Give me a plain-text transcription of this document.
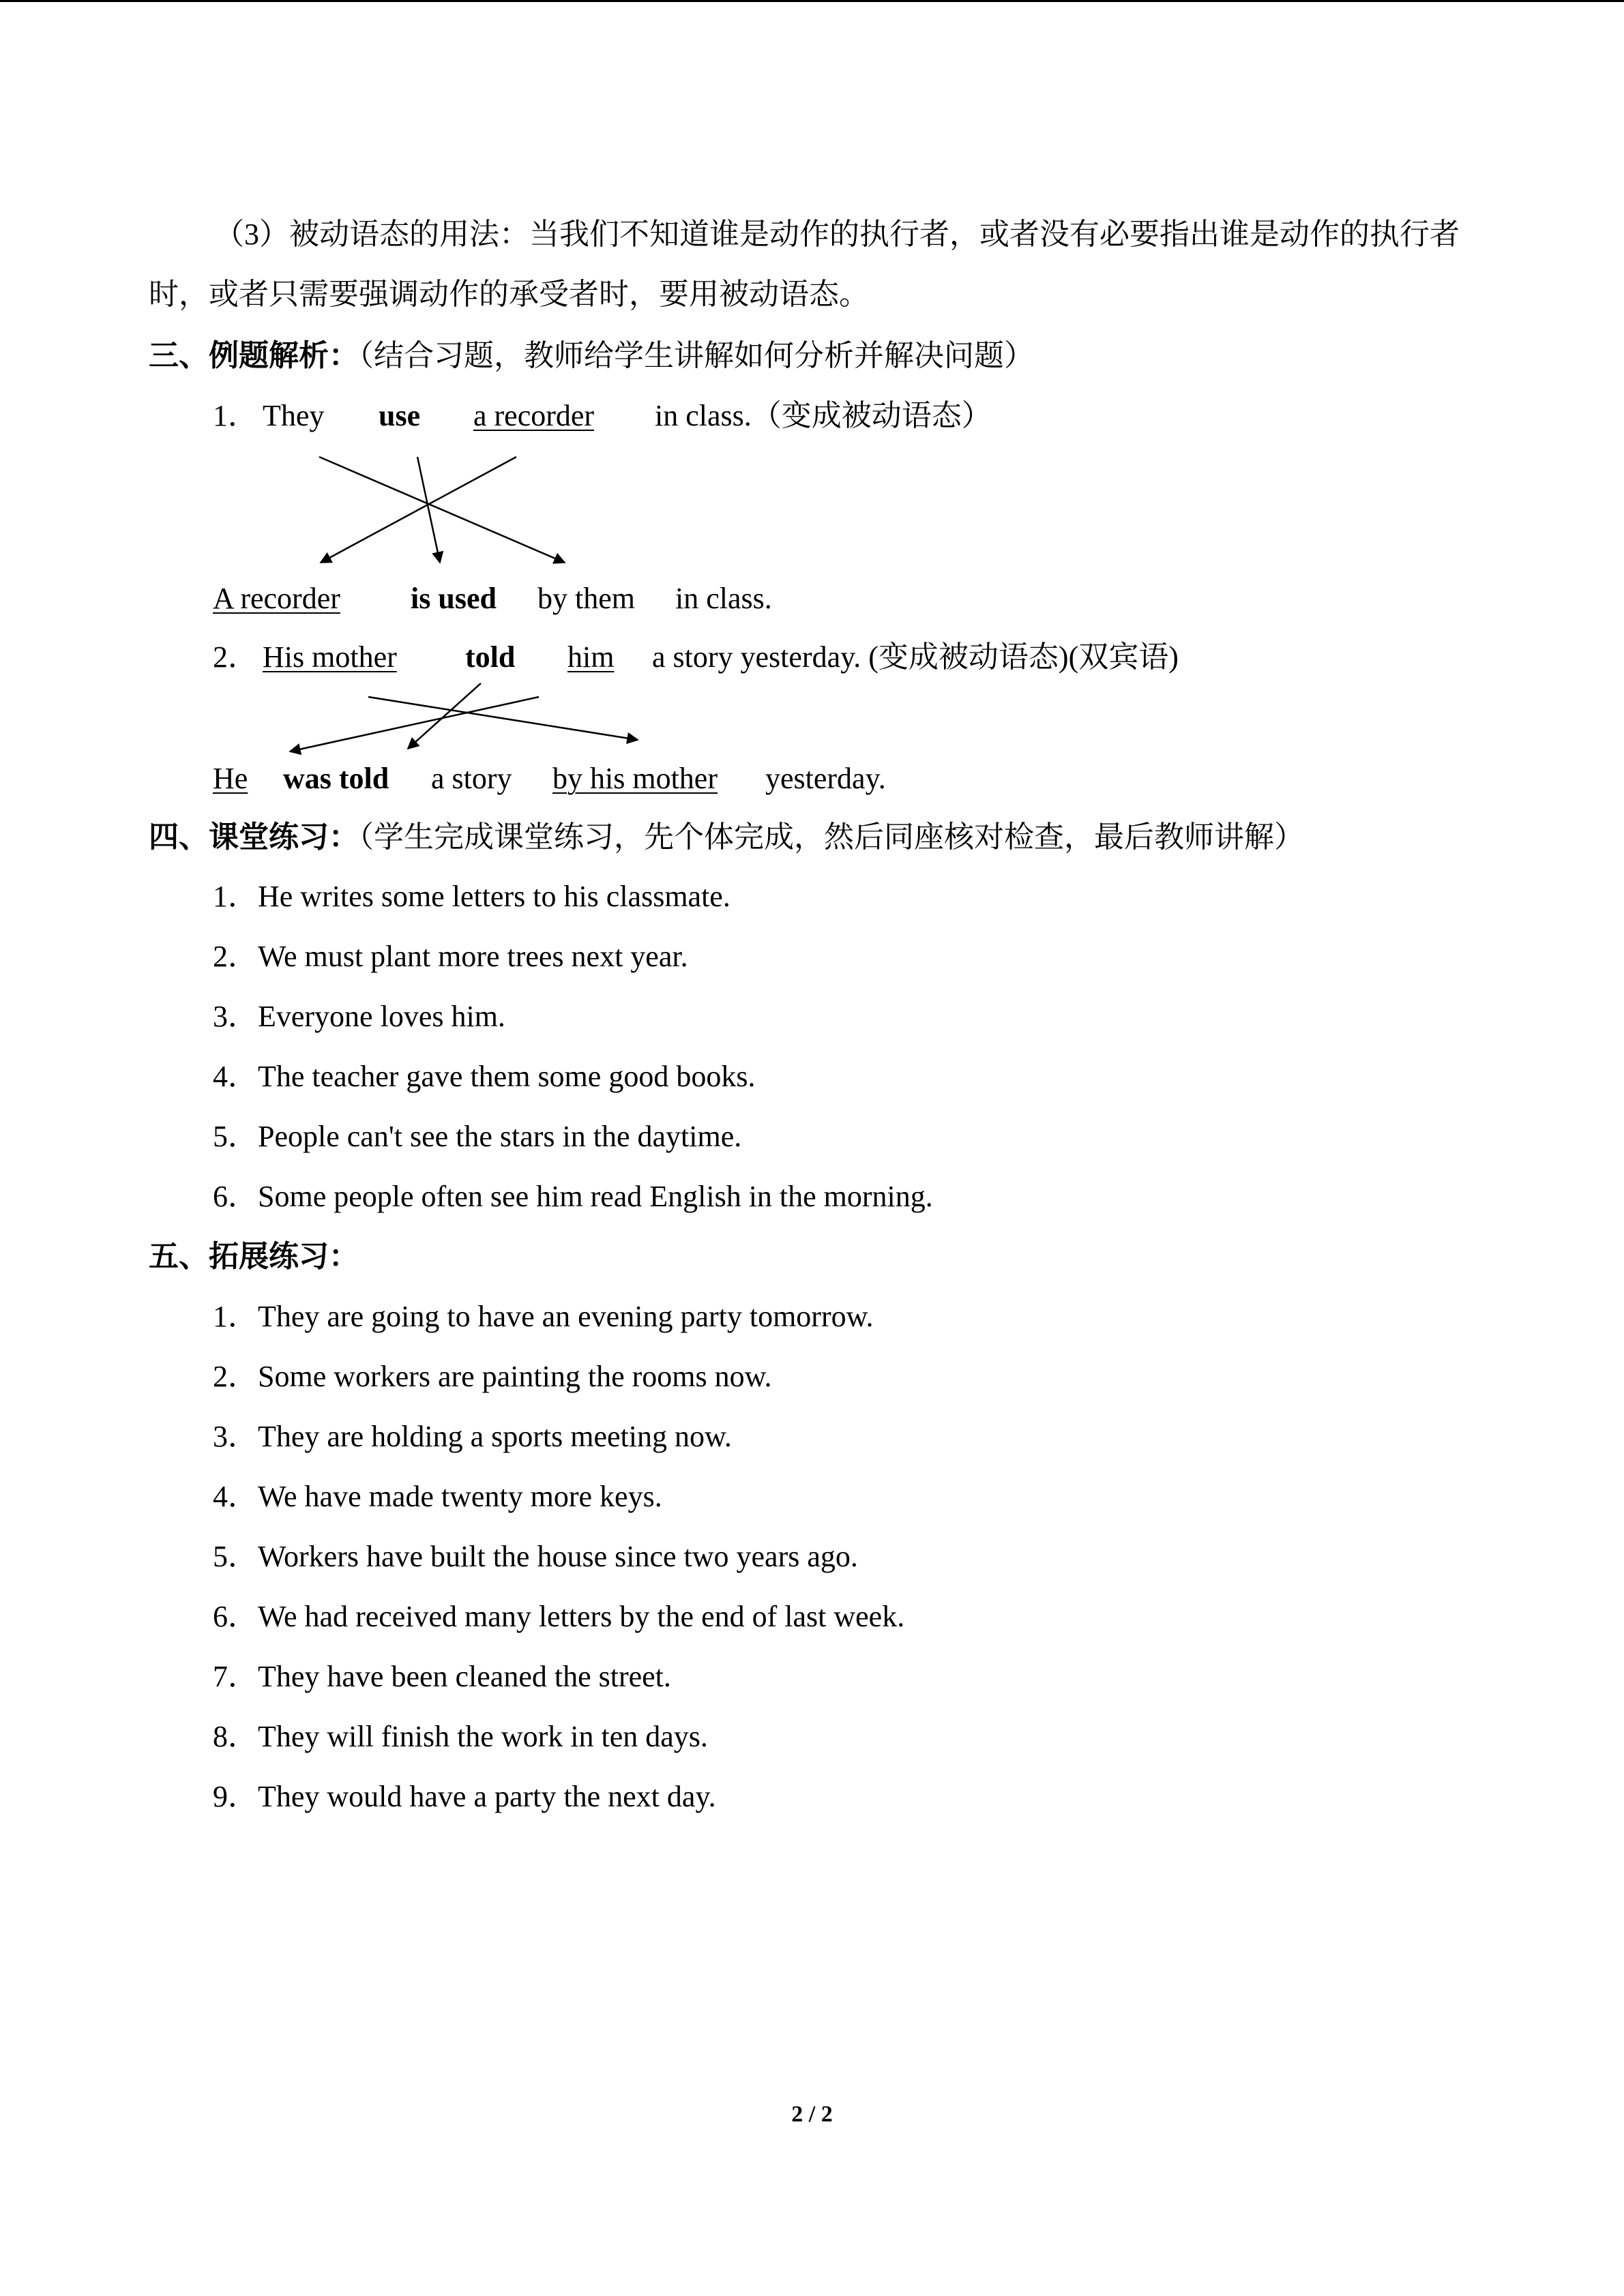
（3）被动语态的用法：当我们不知道谁是动作的执行者，或者没有必要指出谁是动作的执行者时，或者只需要强调动作的承受者时，要用被动语态。
三、例题解析：（结合习题，教师给学生讲解如何分析并解决问题）
1． They use	a recorder	in class.（变成被动语态）
A recorder	is used by them in class.
2． His mother	told	him	a story yesterday. (变成被动语态)(双宾语)
He	was told a story by his mother yesterday.
四、课堂练习：（学生完成课堂练习，先个体完成，然后同座核对检查，最后教师讲解）
1．He writes some letters to his classmate.
2．We must plant more trees next year.
3．Everyone loves him.
4．The teacher gave them some good books.
5．People can't see the stars in the daytime.
6．Some people often see him read English in the morning.
五、拓展练习：
1．They are going to have an evening party tomorrow.
2．Some workers are painting the rooms now.
3．They are holding a sports meeting now.
4．We have made twenty more keys.
5．Workers have built the house since two years ago.
6．We had received many letters by the end of last week.
7．They have been cleaned the street.
8．They will finish the work in ten days.
9．They would have a party the next day.
2 / 2
